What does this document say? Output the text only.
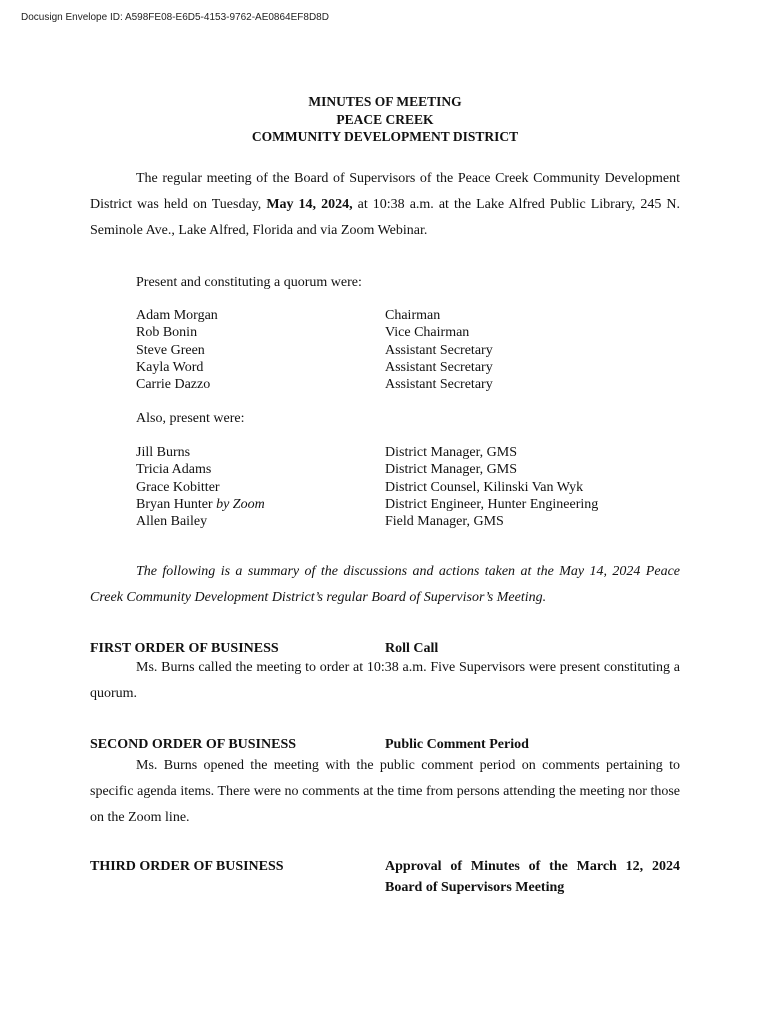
Docusign Envelope ID: A598FE08-E6D5-4153-9762-AE0864EF8D8D
MINUTES OF MEETING
PEACE CREEK
COMMUNITY DEVELOPMENT DISTRICT
The regular meeting of the Board of Supervisors of the Peace Creek Community Development District was held on Tuesday, May 14, 2024, at 10:38 a.m. at the Lake Alfred Public Library, 245 N. Seminole Ave., Lake Alfred, Florida and via Zoom Webinar.
Present and constituting a quorum were:
Adam Morgan	Chairman
Rob Bonin	Vice Chairman
Steve Green	Assistant Secretary
Kayla Word	Assistant Secretary
Carrie Dazzo	Assistant Secretary
Also, present were:
Jill Burns	District Manager, GMS
Tricia Adams	District Manager, GMS
Grace Kobitter	District Counsel, Kilinski Van Wyk
Bryan Hunter by Zoom	District Engineer, Hunter Engineering
Allen Bailey	Field Manager, GMS
The following is a summary of the discussions and actions taken at the May 14, 2024 Peace Creek Community Development District’s regular Board of Supervisor’s Meeting.
FIRST ORDER OF BUSINESS	Roll Call
Ms. Burns called the meeting to order at 10:38 a.m. Five Supervisors were present constituting a quorum.
SECOND ORDER OF BUSINESS	Public Comment Period
Ms. Burns opened the meeting with the public comment period on comments pertaining to specific agenda items. There were no comments at the time from persons attending the meeting nor those on the Zoom line.
THIRD ORDER OF BUSINESS	Approval of Minutes of the March 12, 2024
Board of Supervisors Meeting
